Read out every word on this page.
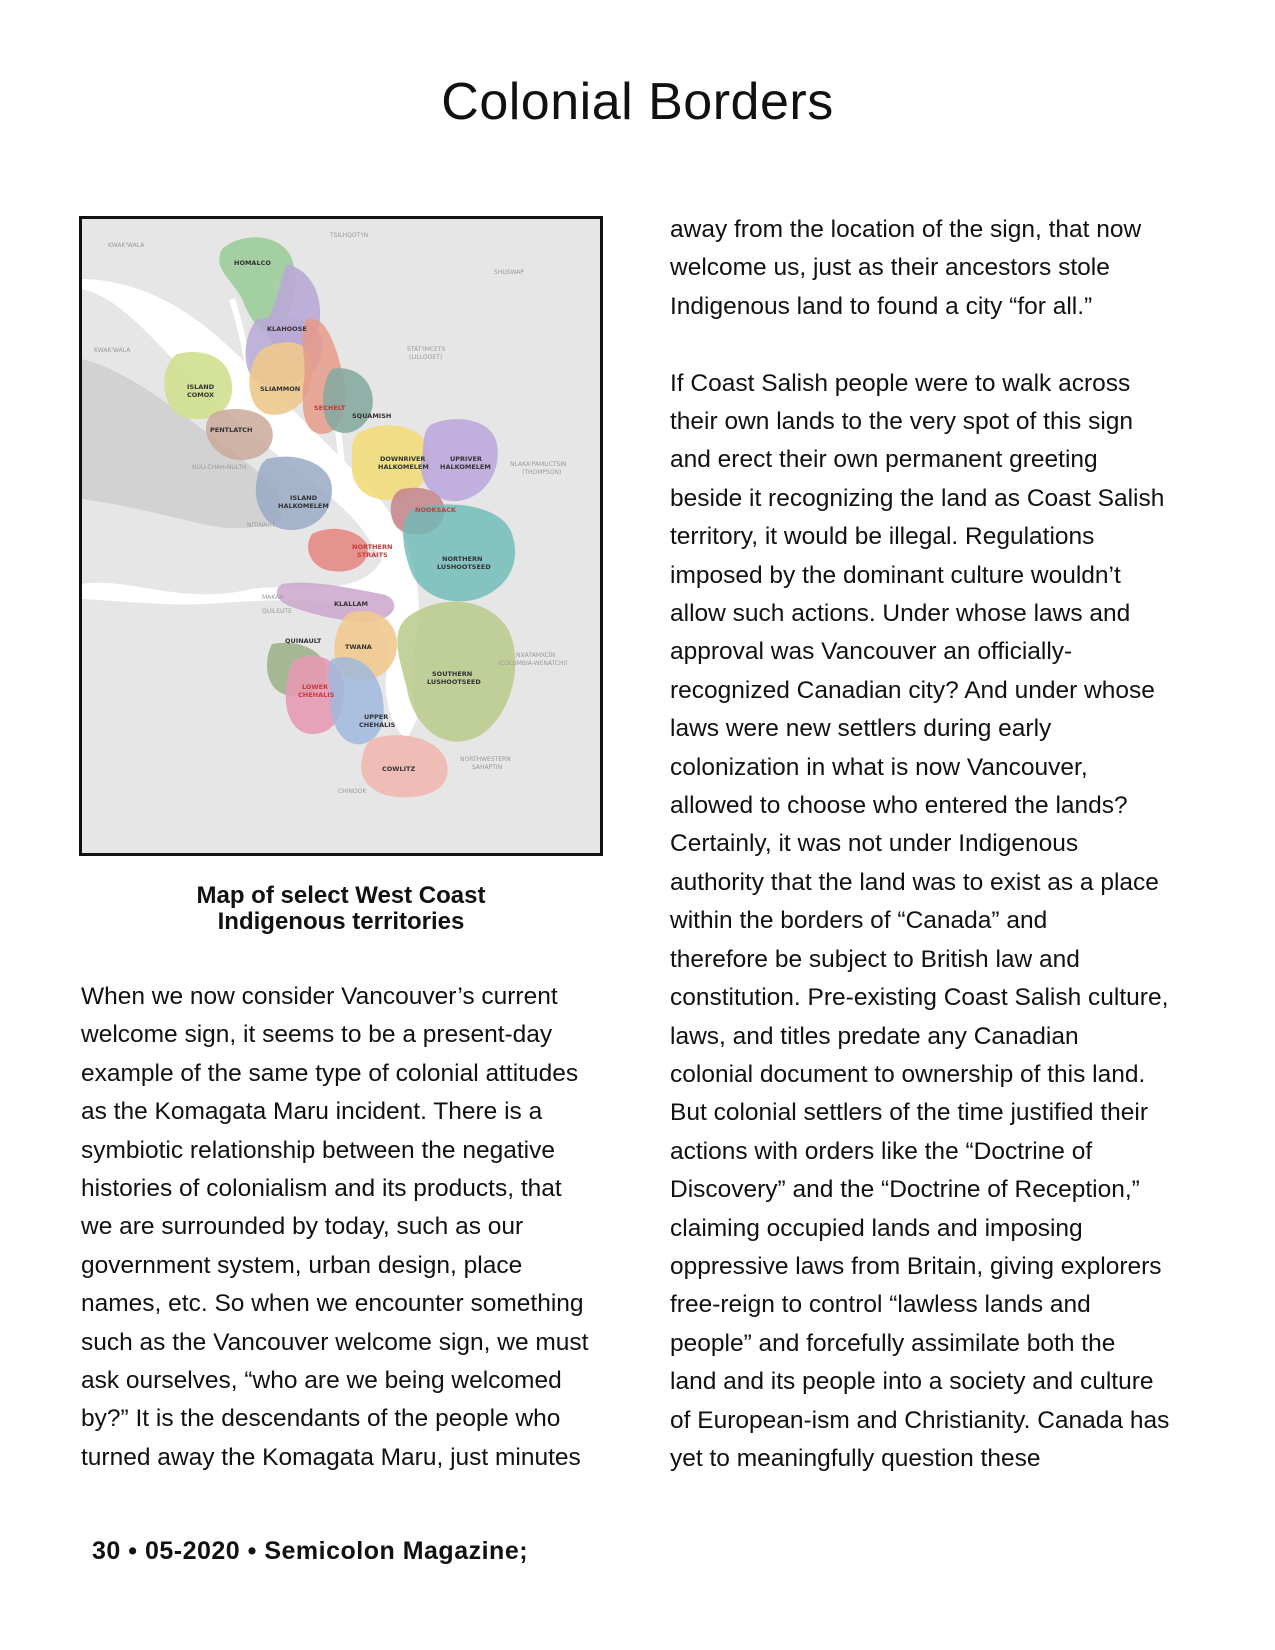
Colonial Borders
HOMALCO
KLAHOOSE
SLIAMMON
ISLAND
COMOX
PENTLATCH
SECHELT
SQUAMISH
DOWNRIVER
HALKOMELEM
UPRIVER
HALKOMELEM
ISLAND
HALKOMELEM	NOOKSACK
NORTHERN
STRAITS	NORTHERN
LUSHOOTSEED
KLALLAM
QUINAULT
TWANA
SOUTHERN
LUSHOOTSEED
LOWER
CHEHALIS
UPPER
CHEHALIS
COWLITZ
KWAK'WALA
KWAK'WALA
TSILHQOT'IN
SHUSWAP
STÁT'IMCETS
(LILLOOET)
NUU-CHAH-NULTH
NITINAHT
NLAKA'PAMUCTSIN
(THOMPSON)
MAKAH
QUILEUTE
NXAʔAMXCÍN
(COLUMBIA-WENATCHI)
NORTHWESTERN
SAHAPTIN
CHINOOK
Map of select West Coast
Indigenous territories

When we now consider Vancouver’s current

welcome sign, it seems to be a present-day

example of the same type of colonial attitudes

as the Komagata Maru incident. There is a

symbiotic relationship between the negative

histories of colonialism and its products, that

we are surrounded by today, such as our

government system, urban design, place

names, etc. So when we encounter something

such as the Vancouver welcome sign, we must

ask ourselves, “who are we being welcomed

by?” It is the descendants of the people who

turned away the Komagata Maru, just minutes

away from the location of the sign, that now

welcome us, just as their ancestors stole

Indigenous land to found a city “for all.”

If Coast Salish people were to walk across

their own lands to the very spot of this sign

and erect their own permanent greeting

beside it recognizing the land as Coast Salish

territory, it would be illegal. Regulations

imposed by the dominant culture wouldn’t

allow such actions. Under whose laws and

approval was Vancouver an officially-

recognized Canadian city? And under whose

laws were new settlers during early

colonization in what is now Vancouver,

allowed to choose who entered the lands?

Certainly, it was not under Indigenous

authority that the land was to exist as a place

within the borders of “Canada” and

therefore be subject to British law and

constitution. Pre-existing Coast Salish culture,

laws, and titles predate any Canadian

colonial document to ownership of this land.

But colonial settlers of the time justified their

actions with orders like the “Doctrine of

Discovery” and the “Doctrine of Reception,”

claiming occupied lands and imposing

oppressive laws from Britain, giving explorers

free-reign to control “lawless lands and

people” and forcefully assimilate both the

land and its people into a society and culture

of European-ism and Christianity. Canada has

yet to meaningfully question these

30 • 05-2020 • Semicolon Magazine;
